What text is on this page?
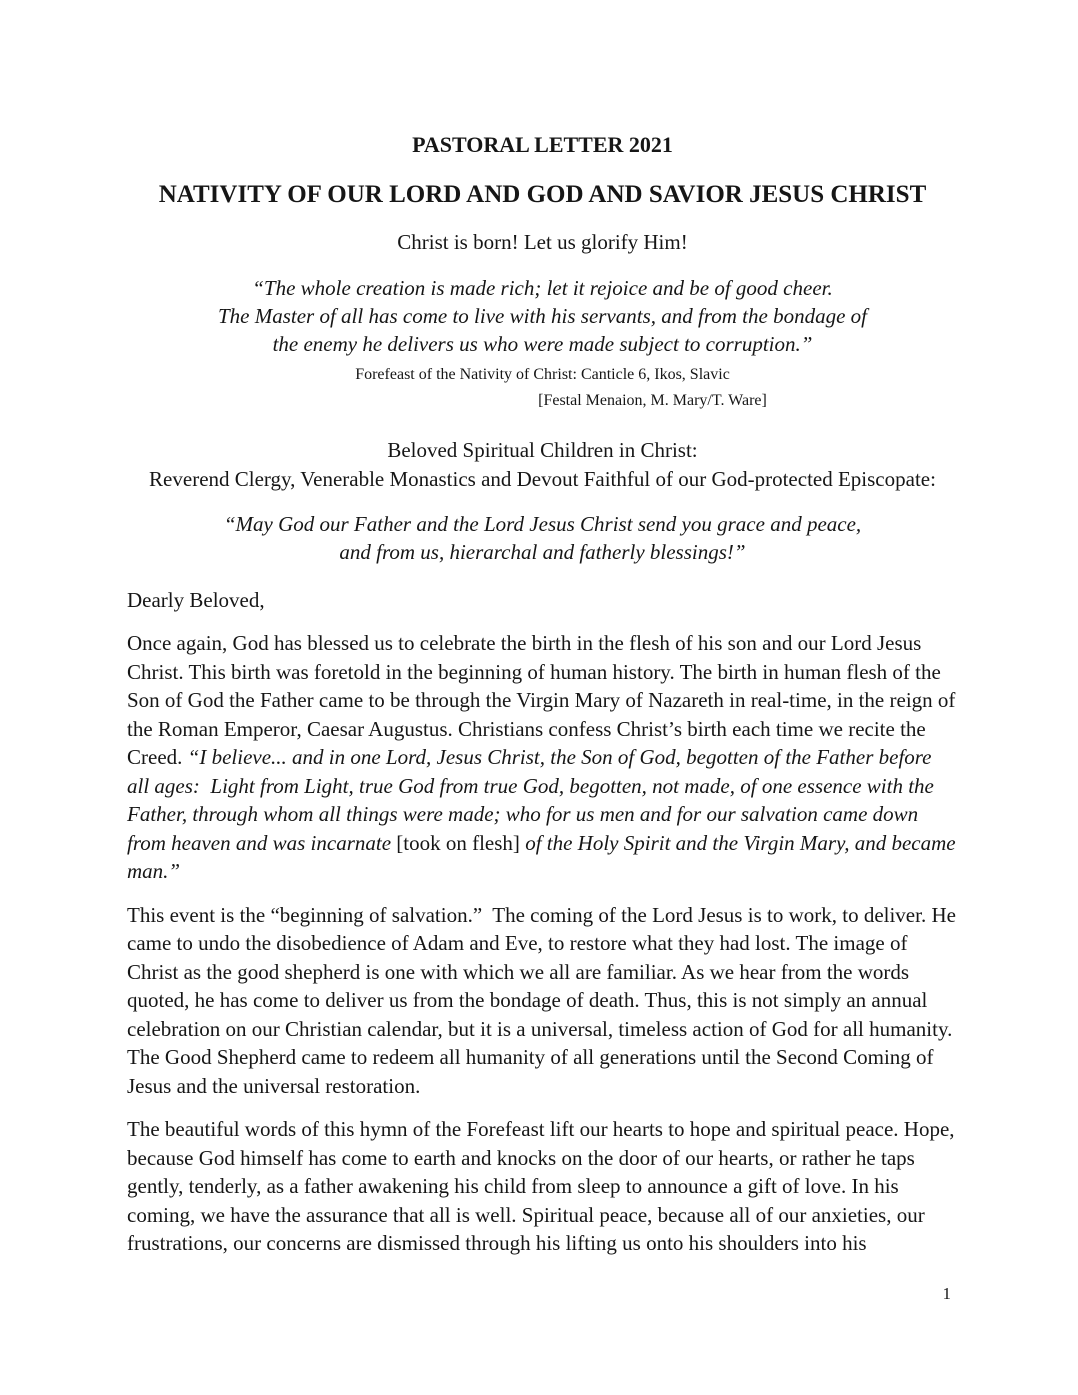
PASTORAL LETTER 2021
NATIVITY OF OUR LORD AND GOD AND SAVIOR JESUS CHRIST
Christ is born! Let us glorify Him!
“The whole creation is made rich; let it rejoice and be of good cheer.
The Master of all has come to live with his servants, and from the bondage of
the enemy he delivers us who were made subject to corruption.”
Forefeast of the Nativity of Christ: Canticle 6, Ikos, Slavic
[Festal Menaion, M. Mary/T. Ware]
Beloved Spiritual Children in Christ:
Reverend Clergy, Venerable Monastics and Devout Faithful of our God-protected Episcopate:
“May God our Father and the Lord Jesus Christ send you grace and peace,
and from us, hierarchal and fatherly blessings!”
Dearly Beloved,

Once again, God has blessed us to celebrate the birth in the flesh of his son and our Lord Jesus Christ. This birth was foretold in the beginning of human history. The birth in human flesh of the Son of God the Father came to be through the Virgin Mary of Nazareth in real-time, in the reign of the Roman Emperor, Caesar Augustus. Christians confess Christ’s birth each time we recite the Creed. “I believe... and in one Lord, Jesus Christ, the Son of God, begotten of the Father before all ages:  Light from Light, true God from true God, begotten, not made, of one essence with the Father, through whom all things were made; who for us men and for our salvation came down from heaven and was incarnate [took on flesh] of the Holy Spirit and the Virgin Mary, and became man.”

This event is the “beginning of salvation.”  The coming of the Lord Jesus is to work, to deliver. He came to undo the disobedience of Adam and Eve, to restore what they had lost. The image of Christ as the good shepherd is one with which we all are familiar. As we hear from the words quoted, he has come to deliver us from the bondage of death. Thus, this is not simply an annual celebration on our Christian calendar, but it is a universal, timeless action of God for all humanity. The Good Shepherd came to redeem all humanity of all generations until the Second Coming of Jesus and the universal restoration.

The beautiful words of this hymn of the Forefeast lift our hearts to hope and spiritual peace. Hope, because God himself has come to earth and knocks on the door of our hearts, or rather he taps gently, tenderly, as a father awakening his child from sleep to announce a gift of love. In his coming, we have the assurance that all is well. Spiritual peace, because all of our anxieties, our frustrations, our concerns are dismissed through his lifting us onto his shoulders into his

1
